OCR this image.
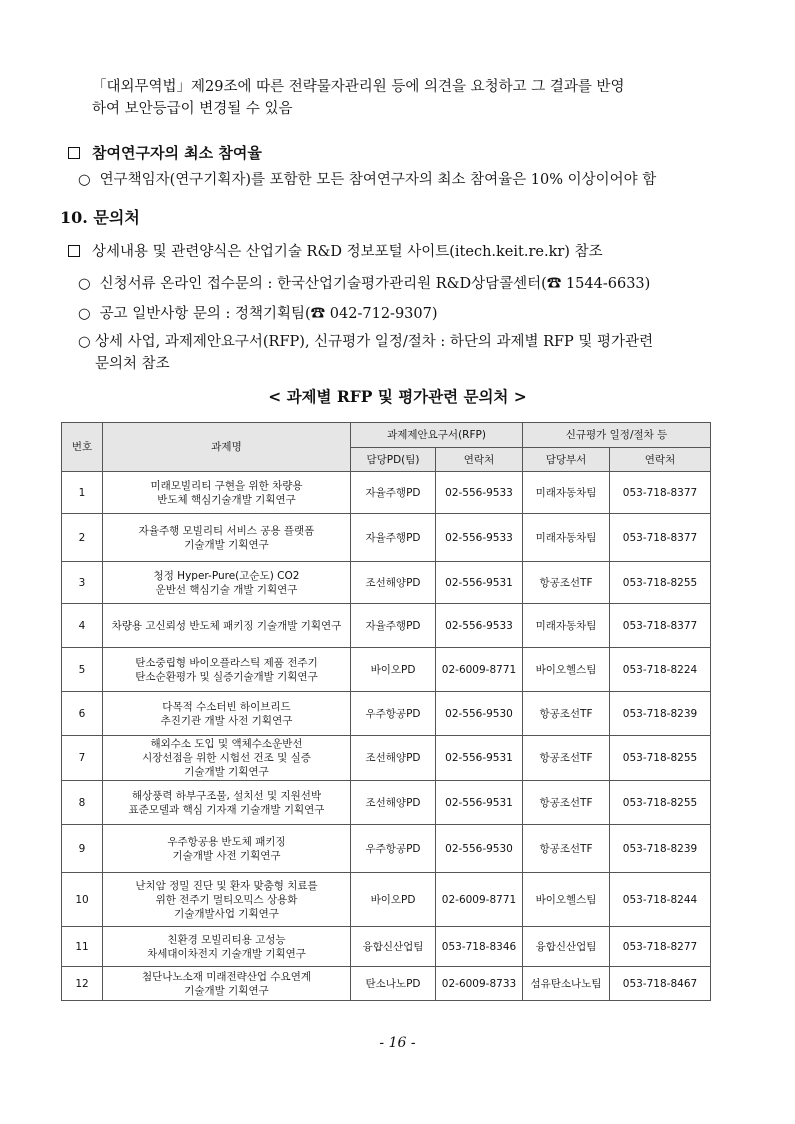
「대외무역법」제29조에 따른 전략물자관리원 등에 의견을 요청하고 그 결과를 반영
하여 보안등급이 변경될 수 있음
참여연구자의 최소 참여율
○ 연구책임자(연구기획자)를 포함한 모든 참여연구자의 최소 참여율은 10% 이상이어야 함
10. 문의처
상세내용 및 관련양식은 산업기술 R&D 정보포털 사이트(itech.keit.re.kr) 참조
○ 신청서류 온라인 접수문의 : 한국산업기술평가관리원 R&D상담콜센터(☎ 1544-6633)
○ 공고 일반사항 문의 : 정책기획팀(☎ 042-712-9307)
○ 상세 사업, 과제제안요구서(RFP), 신규평가 일정/절차 : 하단의 과제별 RFP 및 평가관련
문의처 참조
< 과제별 RFP 및 평가관련 문의처 >
번호	과제명	과제제안요구서(RFP)		신규평가 일정/절차 등	
		담당PD(팀)	연락처	담당부서	연락처
1	미래모빌리티 구현을 위한 차량용
반도체 핵심기술개발 기획연구	자율주행PD	02-556-9533	미래자동차팀	053-718-8377
2	자율주행 모빌리티 서비스 공용 플랫폼
기술개발 기획연구	자율주행PD	02-556-9533	미래자동차팀	053-718-8377
3	청정 Hyper-Pure(고순도) CO2
운반선 핵심기술 개발 기획연구	조선해양PD	02-556-9531	항공조선TF	053-718-8255
4	차량용 고신뢰성 반도체 패키징 기술개발 기획연구	자율주행PD	02-556-9533	미래자동차팀	053-718-8377
5	탄소중립형 바이오플라스틱 제품 전주기
탄소순환평가 및 실증기술개발 기획연구	바이오PD	02-6009-8771	바이오헬스팀	053-718-8224
6	다목적 수소터빈 하이브리드
추진기관 개발 사전 기획연구	우주항공PD	02-556-9530	항공조선TF	053-718-8239
7	해외수소 도입 및 액체수소운반선
시장선점을 위한 시험선 건조 및 실증
기술개발 기획연구	조선해양PD	02-556-9531	항공조선TF	053-718-8255
8	해상풍력 하부구조물, 설치선 및 지원선박
표준모델과 핵심 기자재 기술개발 기획연구	조선해양PD	02-556-9531	항공조선TF	053-718-8255
9	우주항공용 반도체 패키징
기술개발 사전 기획연구	우주항공PD	02-556-9530	항공조선TF	053-718-8239
10	난치암 정밀 진단 및 환자 맞춤형 치료를
위한 전주기 멀티오믹스 상용화
기술개발사업 기획연구	바이오PD	02-6009-8771	바이오헬스팀	053-718-8244
11	친환경 모빌리티용 고성능
차세대이차전지 기술개발 기획연구	융합신산업팀	053-718-8346	융합신산업팀	053-718-8277
12	첨단나노소재 미래전략산업 수요연계
기술개발 기획연구	탄소나노PD	02-6009-8733	섬유탄소나노팀	053-718-8467
- 16 -
